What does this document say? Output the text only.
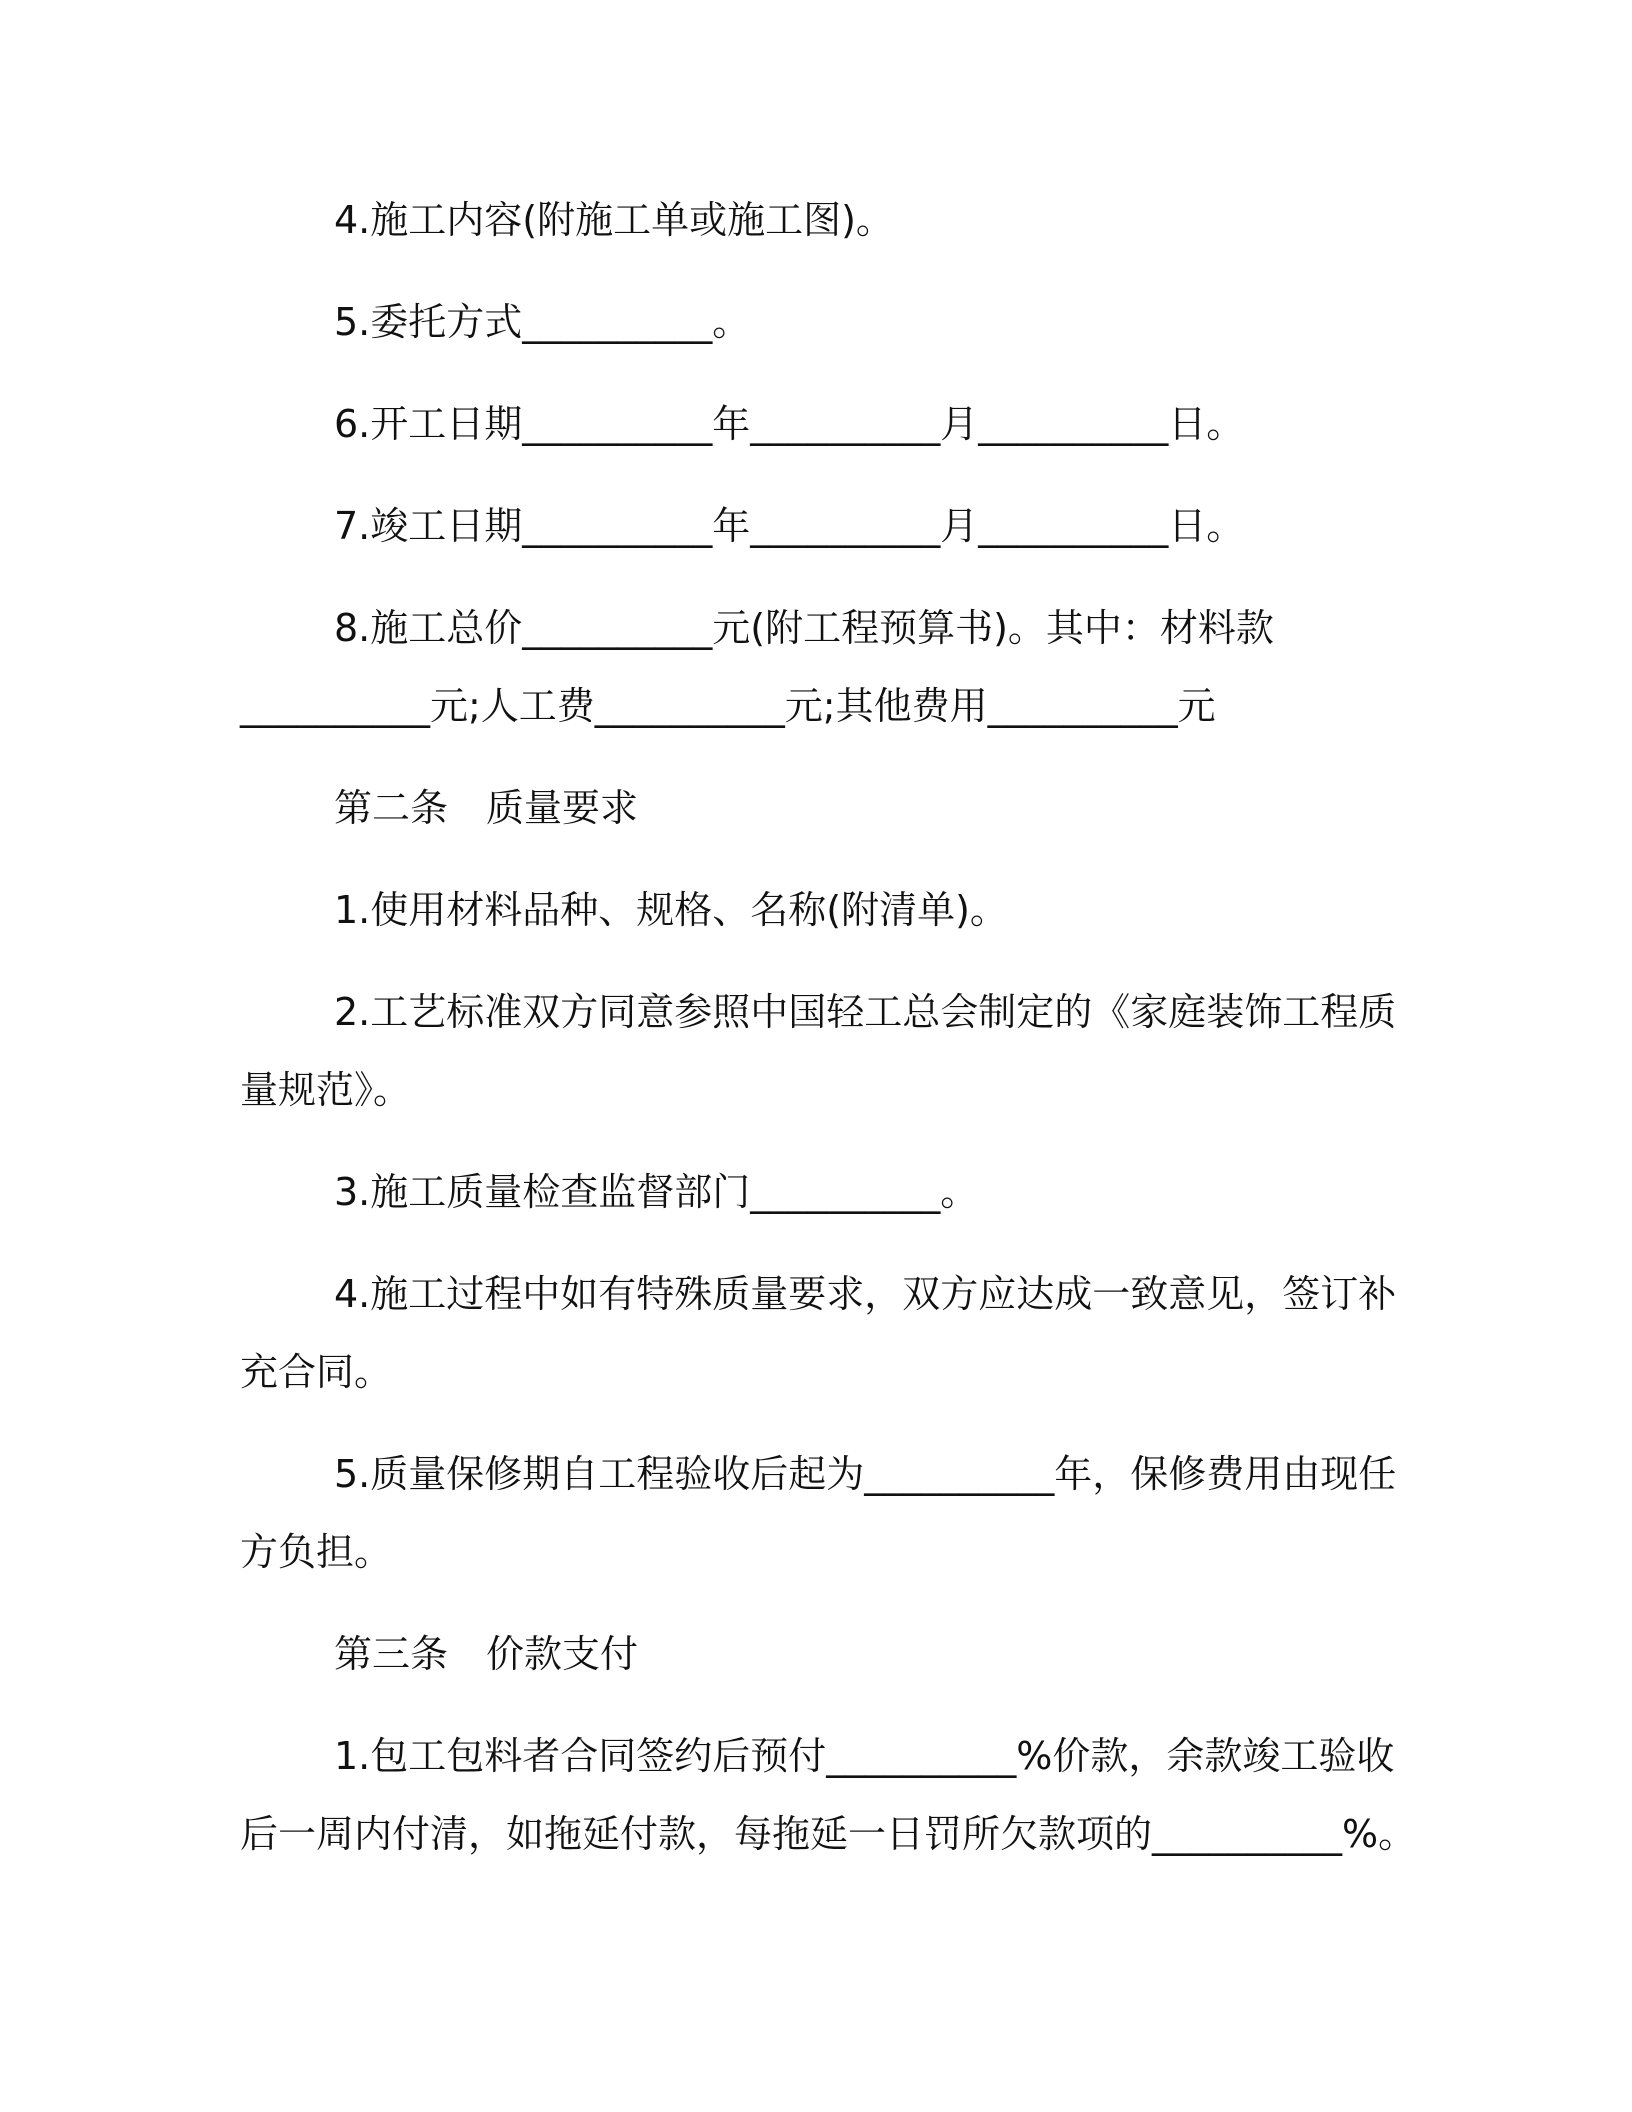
4.施工内容(附施工单或施工图)。
5.委托方式__________。
6.开工日期__________年__________月__________日。
7.竣工日期__________年__________月__________日。
8.施工总价__________元(附工程预算书)。其中：材料款
__________元;人工费__________元;其他费用__________元
第二条　质量要求
1.使用材料品种、规格、名称(附清单)。
2.工艺标准双方同意参照中国轻工总会制定的《家庭装饰工程质
量规范》。
3.施工质量检查监督部门__________。
4.施工过程中如有特殊质量要求，双方应达成一致意见，签订补
充合同。
5.质量保修期自工程验收后起为__________年，保修费用由现任
方负担。
第三条　价款支付
1.包工包料者合同签约后预付__________%价款，余款竣工验收
后一周内付清，如拖延付款，每拖延一日罚所欠款项的__________%。
